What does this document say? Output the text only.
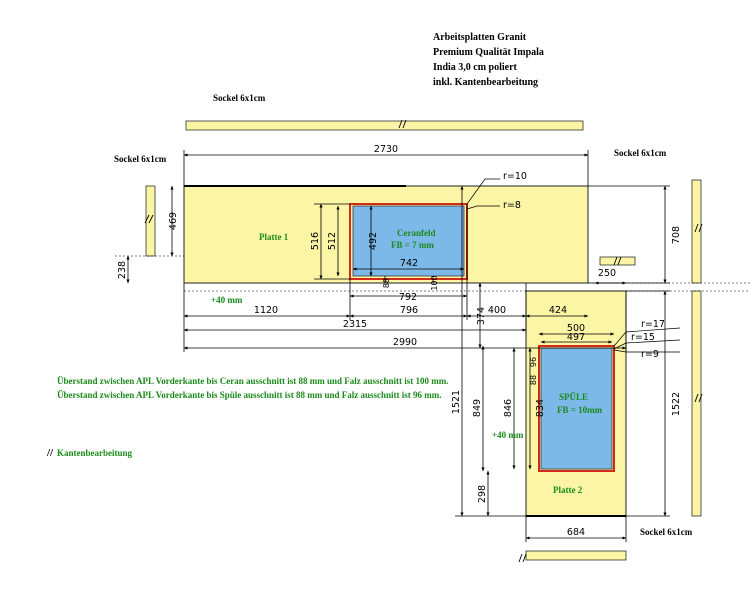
Arbeitsplatten Granit
Premium Qualität Impala
India 3,0 cm poliert
inkl. Kantenbearbeitung
Überstand zwischen APL Vorderkante bis Ceran ausschnitt ist 88 mm und Falz ausschnitt ist 100 mm.
Überstand zwischen APL Vorderkante bis Spüle ausschnitt ist 88 mm und Falz ausschnitt ist 96 mm.
// Kantenbearbeitung
2730
1120	796	400	424
2315
2990
792
742
500
497
684
250
469
238
708
516 512	492
1521 849 846 834
298
1522
374
88	100
96
88
r=10
r=8
r=17
r=15
r=9
Sockel 6x1cm
Sockel 6x1cm
Sockel 6x1cm
Sockel 6x1cm
Platte 1
Platte 2
Ceranfeld
FB = 7 mm
SPÜLE
FB = 10mm
+40 mm
+40 mm
